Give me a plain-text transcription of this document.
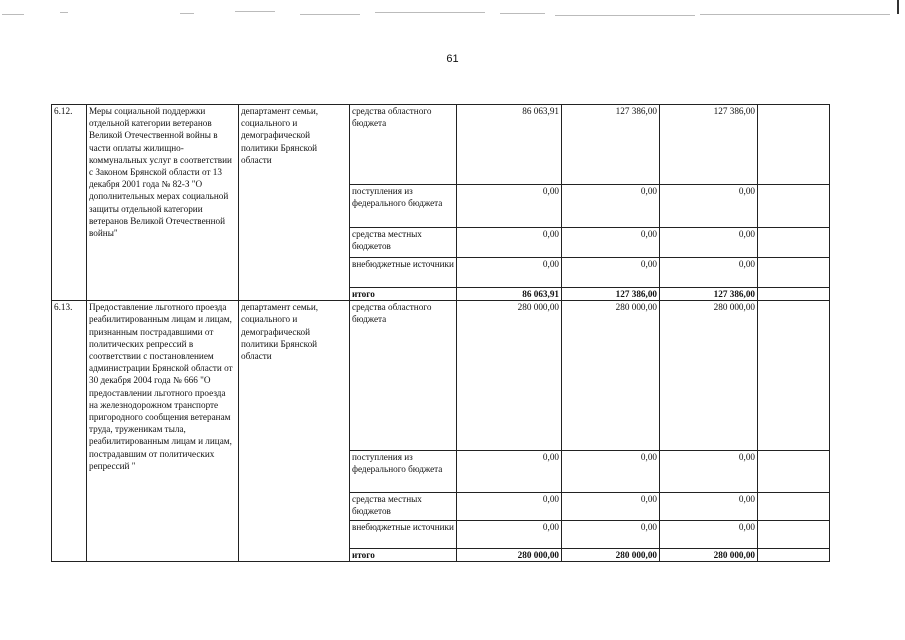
61
6.12.	Меры социальной поддержки отдельной категории ветеранов Великой Отечественной войны в части оплаты жилищно-коммунальных услуг в соответствии с Законом Брянской области от 13 декабря 2001 года № 82-З "О дополнительных мерах социальной защиты отдельной категории ветеранов Великой Отечественной войны"	департамент семьи, социального и демографической политики Брянской области	средства областного бюджета	86 063,91	127 386,00	127 386,00	
			поступления из федерального бюджета	0,00	0,00	0,00	
			средства местных бюджетов	0,00	0,00	0,00	
			внебюджетные источники	0,00	0,00	0,00	
			итого	86 063,91	127 386,00	127 386,00	
6.13.	Предоставление льготного проезда реабилитированным лицам и лицам, признанным пострадавшими от политических репрессий в соответствии с постановлением администрации Брянской области от 30 декабря 2004 года № 666 "О предоставлении льготного проезда на железнодорожном транспорте пригородного сообщения ветеранам труда, труженикам тыла, реабилитированным лицам и лицам, пострадавшим от политических репрессий "	департамент семьи, социального и демографической политики Брянской области	средства областного бюджета	280 000,00	280 000,00	280 000,00	
			поступления из федерального бюджета	0,00	0,00	0,00	
			средства местных бюджетов	0,00	0,00	0,00	
			внебюджетные источники	0,00	0,00	0,00	
			итого	280 000,00	280 000,00	280 000,00	
